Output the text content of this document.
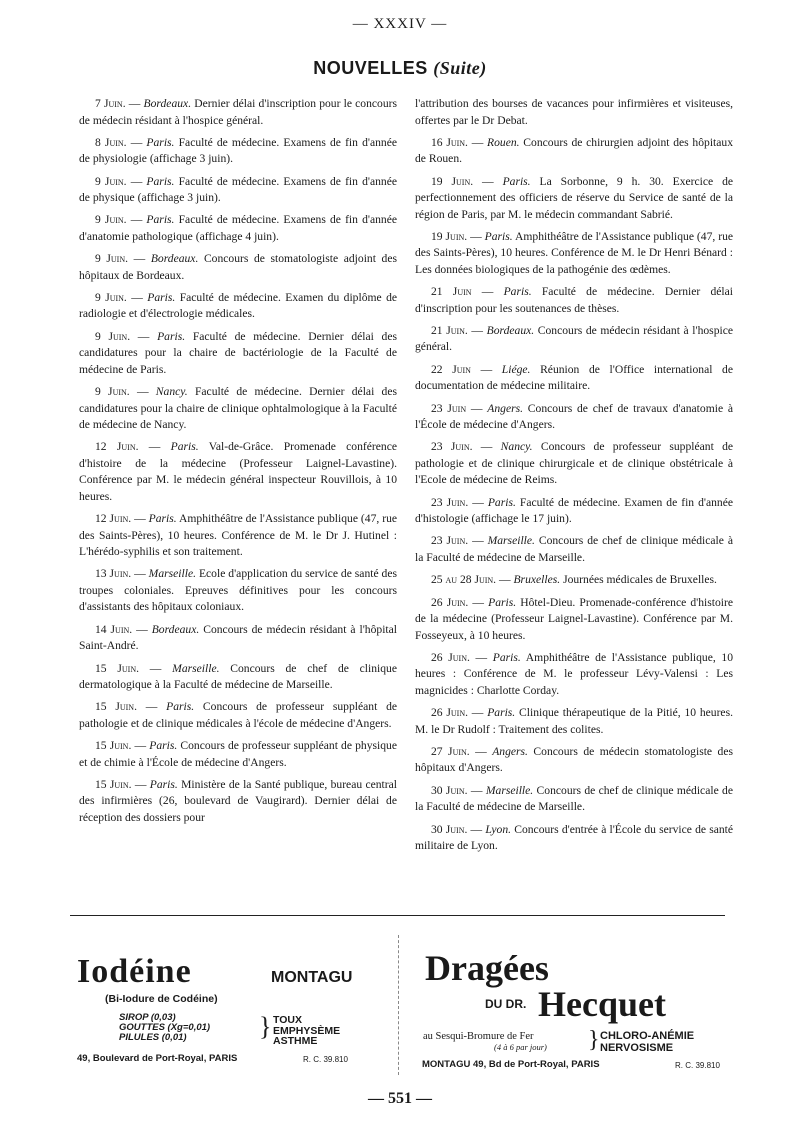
— XXXIV —
NOUVELLES (Suite)

7 Juin. — Bordeaux. Dernier délai d'inscription pour le concours de médecin résidant à l'hospice général.

8 Juin. — Paris. Faculté de médecine. Examens de fin d'année de physiologie (affichage 3 juin).

9 Juin. — Paris. Faculté de médecine. Examens de fin d'année de physique (affichage 3 juin).

9 Juin. — Paris. Faculté de médecine. Examens de fin d'année d'anatomie pathologique (affichage 4 juin).

9 Juin. — Bordeaux. Concours de stomatologiste adjoint des hôpitaux de Bordeaux.

9 Juin. — Paris. Faculté de médecine. Examen du diplôme de radiologie et d'électrologie médicales.

9 Juin. — Paris. Faculté de médecine. Dernier délai des candidatures pour la chaire de bactériologie de la Faculté de médecine de Paris.

9 Juin. — Nancy. Faculté de médecine. Dernier délai des candidatures pour la chaire de clinique ophtalmologique à la Faculté de médecine de Nancy.

12 Juin. — Paris. Val-de-Grâce. Promenade conférence d'histoire de la médecine (Professeur Laignel-Lavastine). Conférence par M. le médecin général inspecteur Rouvillois, à 10 heures.

12 Juin. — Paris. Amphithéâtre de l'Assistance publique (47, rue des Saints-Pères), 10 heures. Conférence de M. le Dr J. Hutinel : L'hérédo-syphilis et son traitement.

13 Juin. — Marseille. Ecole d'application du service de santé des troupes coloniales. Epreuves définitives pour les concours d'assistants des hôpitaux coloniaux.

14 Juin. — Bordeaux. Concours de médecin résidant à l'hôpital Saint-André.

15 Juin. — Marseille. Concours de chef de clinique dermatologique à la Faculté de médecine de Marseille.

15 Juin. — Paris. Concours de professeur suppléant de pathologie et de clinique médicales à l'école de médecine d'Angers.

15 Juin. — Paris. Concours de professeur suppléant de physique et de chimie à l'École de médecine d'Angers.

15 Juin. — Paris. Ministère de la Santé publique, bureau central des infirmières (26, boulevard de Vaugirard). Dernier délai de réception des dossiers pour

l'attribution des bourses de vacances pour infirmières et visiteuses, offertes par le Dr Debat.

16 Juin. — Rouen. Concours de chirurgien adjoint des hôpitaux de Rouen.

19 Juin. — Paris. La Sorbonne, 9 h. 30. Exercice de perfectionnement des officiers de réserve du Service de santé de la région de Paris, par M. le médecin commandant Sabrié.

19 Juin. — Paris. Amphithéâtre de l'Assistance publique (47, rue des Saints-Pères), 10 heures. Conférence de M. le Dr Henri Bénard : Les données biologiques de la pathogénie des œdèmes.

21 Juin — Paris. Faculté de médecine. Dernier délai d'inscription pour les soutenances de thèses.

21 Juin. — Bordeaux. Concours de médecin résidant à l'hospice général.

22 Juin — Liége. Réunion de l'Office international de documentation de médecine militaire.

23 Juin — Angers. Concours de chef de travaux d'anatomie à l'École de médecine d'Angers.

23 Juin. — Nancy. Concours de professeur suppléant de pathologie et de clinique chirurgicale et de clinique obstétricale à l'Ecole de médecine de Reims.

23 Juin. — Paris. Faculté de médecine. Examen de fin d'année d'histologie (affichage le 17 juin).

23 Juin. — Marseille. Concours de chef de clinique médicale à la Faculté de médecine de Marseille.

25 au 28 Juin. — Bruxelles. Journées médicales de Bruxelles.

26 Juin. — Paris. Hôtel-Dieu. Promenade-conférence d'histoire de la médecine (Professeur Laignel-Lavastine). Conférence par M. Fosseyeux, à 10 heures.

26 Juin. — Paris. Amphithéâtre de l'Assistance publique, 10 heures : Conférence de M. le professeur Lévy-Valensi : Les magnicides : Charlotte Corday.

26 Juin. — Paris. Clinique thérapeutique de la Pitié, 10 heures. M. le Dr Rudolf : Traitement des colites.

27 Juin. — Angers. Concours de médecin stomatologiste des hôpitaux d'Angers.

30 Juin. — Marseille. Concours de chef de clinique médicale de la Faculté de médecine de Marseille.

30 Juin. — Lyon. Concours d'entrée à l'École du service de santé militaire de Lyon.

Iodéine	MONTAGU
(Bi-Iodure de Codéine)
SIROP (0,03)
GOUTTES (Xg=0,01)
PILULES (0,01)	} TOUX
EMPHYSÈME
ASTHME
49, Boulevard de Port-Royal, PARIS	R. C. 39.810
Dragées
DU DR. Hecquet
au Sesqui-Bromure de Fer
(4 à 6 par jour) } CHLORO-ANÉMIE
NERVOSISME
MONTAGU 49, Bd de Port-Royal, PARIS	R. C. 39.810
— 551 —
